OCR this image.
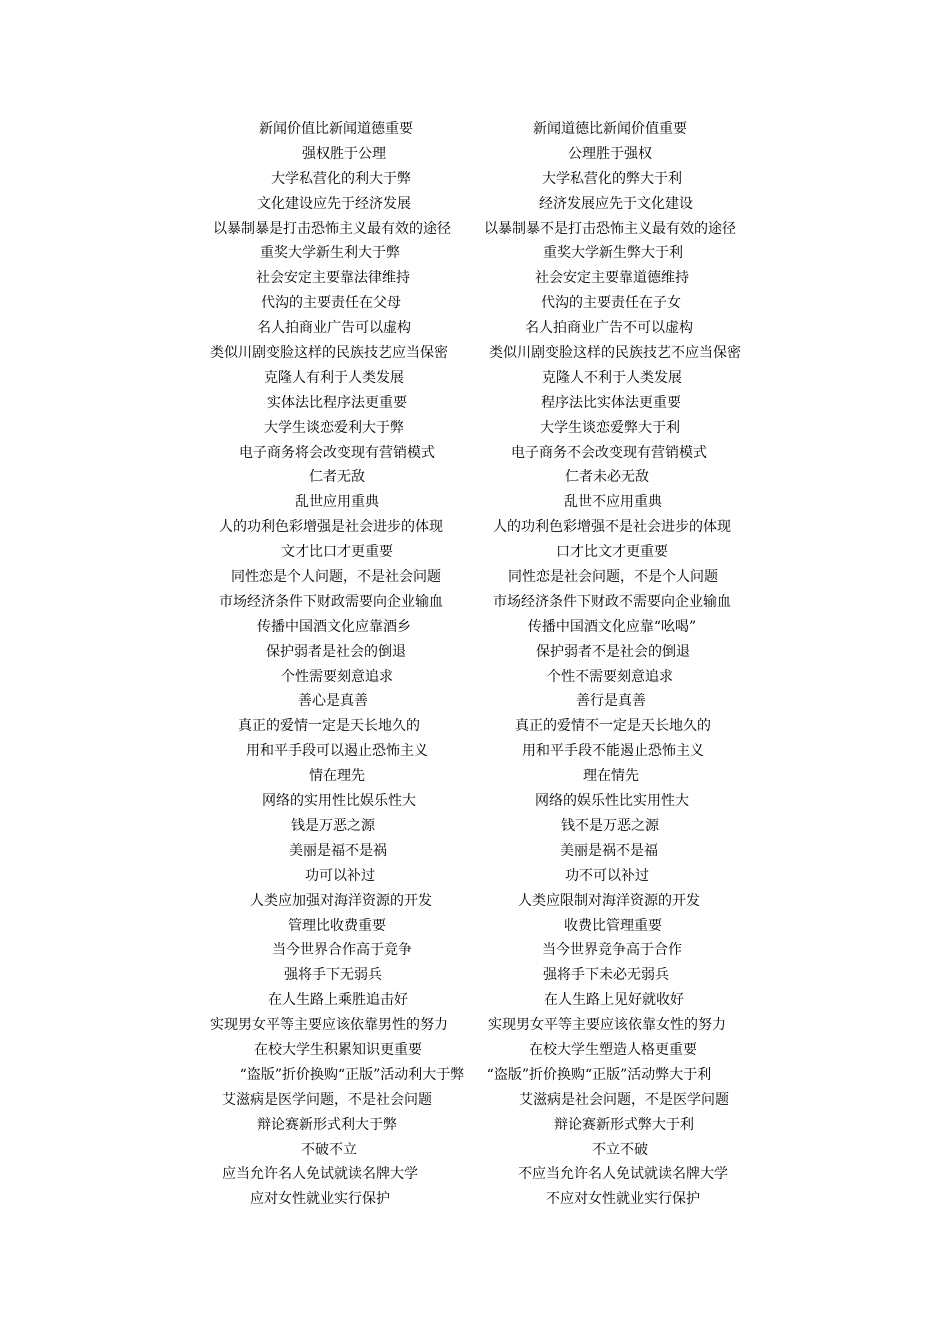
新闻价值比新闻道德重要	新闻道德比新闻价值重要
强权胜于公理	公理胜于强权
大学私营化的利大于弊	大学私营化的弊大于利
文化建设应先于经济发展	经济发展应先于文化建设
以暴制暴是打击恐怖主义最有效的途径 以暴制暴不是打击恐怖主义最有效的途径
重奖大学新生利大于弊	重奖大学新生弊大于利
社会安定主要靠法律维持	社会安定主要靠道德维持
代沟的主要责任在父母	代沟的主要责任在子女
名人拍商业广告可以虚构	名人拍商业广告不可以虚构
类似川剧变脸这样的民族技艺应当保密	类似川剧变脸这样的民族技艺不应当保密
克隆人有利于人类发展	克隆人不利于人类发展
实体法比程序法更重要	程序法比实体法更重要
大学生谈恋爱利大于弊	大学生谈恋爱弊大于利
电子商务将会改变现有营销模式	电子商务不会改变现有营销模式
仁者无敌	仁者未必无敌
乱世应用重典	乱世不应用重典
人的功利色彩增强是社会进步的体现	人的功利色彩增强不是社会进步的体现
文才比口才更重要	口才比文才更重要
同性恋是个人问题，不是社会问题	同性恋是社会问题，不是个人问题
市场经济条件下财政需要向企业输血	市场经济条件下财政不需要向企业输血
传播中国酒文化应靠酒乡	传播中国酒文化应靠“吆喝”
保护弱者是社会的倒退	保护弱者不是社会的倒退
个性需要刻意追求	个性不需要刻意追求
善心是真善	善行是真善
真正的爱情一定是天长地久的	真正的爱情不一定是天长地久的
用和平手段可以遏止恐怖主义	用和平手段不能遏止恐怖主义
情在理先	理在情先
网络的实用性比娱乐性大	网络的娱乐性比实用性大
钱是万恶之源	钱不是万恶之源
美丽是福不是祸	美丽是祸不是福
功可以补过	功不可以补过
人类应加强对海洋资源的开发	人类应限制对海洋资源的开发
管理比收费重要	收费比管理重要
当今世界合作高于竞争	当今世界竞争高于合作
强将手下无弱兵	强将手下未必无弱兵
在人生路上乘胜追击好	在人生路上见好就收好
实现男女平等主要应该依靠男性的努力	实现男女平等主要应该依靠女性的努力
在校大学生积累知识更重要	在校大学生塑造人格更重要
“盗版”折价换购“正版”活动利大于弊 “盗版”折价换购“正版”活动弊大于利
艾滋病是医学问题，不是社会问题	艾滋病是社会问题，不是医学问题
辩论赛新形式利大于弊	辩论赛新形式弊大于利
不破不立	不立不破
应当允许名人免试就读名牌大学	不应当允许名人免试就读名牌大学
应对女性就业实行保护	不应对女性就业实行保护
